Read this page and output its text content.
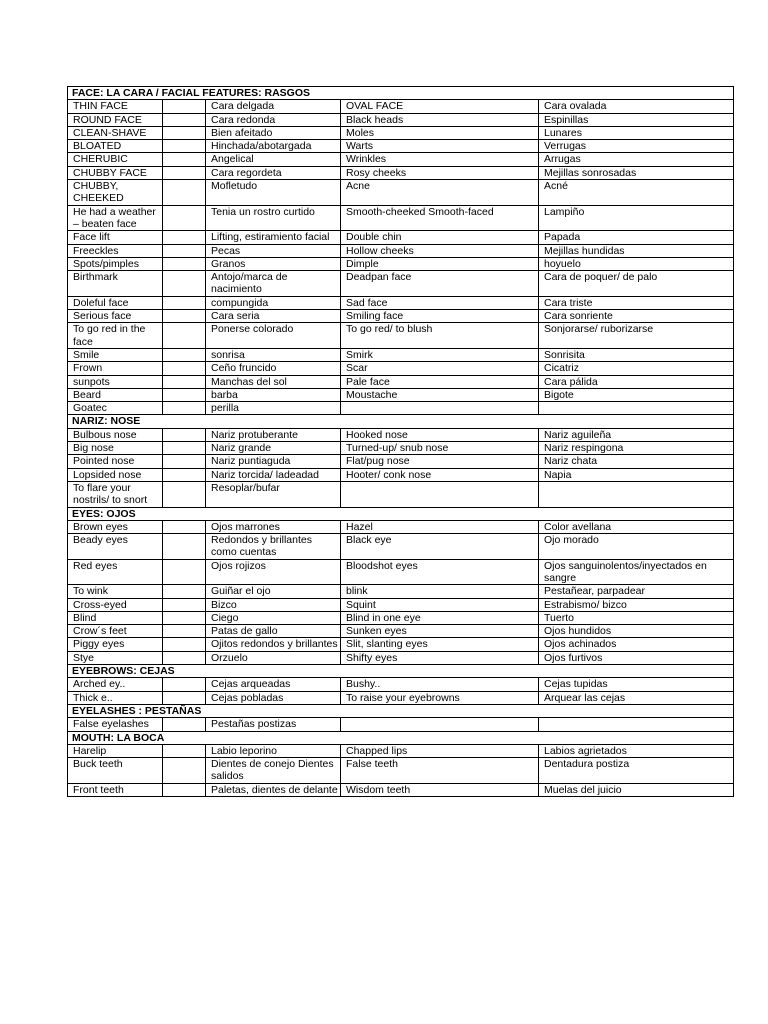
FACE: LA CARA / FACIAL FEATURES: RASGOS				
THIN FACE		Cara delgada	OVAL FACE	Cara ovalada
ROUND FACE		Cara redonda	Black heads	Espinillas
CLEAN-SHAVE		Bien afeitado	Moles	Lunares
BLOATED		Hinchada/abotargada	Warts	Verrugas
CHERUBIC		Angelical	Wrinkles	Arrugas
CHUBBY FACE		Cara regordeta	Rosy cheeks	Mejillas sonrosadas
CHUBBY, CHEEKED		Mofletudo	Acne	Acné
He had a weather – beaten face		Tenia un rostro curtido	Smooth-cheeked Smooth-faced	Lampiño
Face lift		Lifting, estiramiento facial	Double chin	Papada
Freeckles		Pecas	Hollow cheeks	Mejillas hundidas
Spots/pimples		Granos	Dimple	hoyuelo
Birthmark		Antojo/marca de nacimiento	Deadpan face	Cara de poquer/ de palo
Doleful face		compungida	Sad face	Cara triste
Serious face		Cara seria	Smiling face	Cara sonriente
To go red in the face		Ponerse colorado	To go red/ to blush	Sonjorarse/ ruborizarse
Smile		sonrisa	Smirk	Sonrisita
Frown		Ceño fruncido	Scar	Cicatriz
sunpots		Manchas del sol	Pale face	Cara pálida
Beard		barba	Moustache	Bigote
Goatec		perilla		
NARIZ: NOSE				
Bulbous nose		Nariz protuberante	Hooked nose	Nariz aguileña
Big nose		Nariz grande	Turned-up/ snub nose	Nariz respingona
Pointed nose		Nariz puntiaguda	Flat/pug nose	Nariz chata
Lopsided nose		Nariz torcida/ ladeadad	Hooter/ conk nose	Napia
To flare your nostrils/ to snort		Resoplar/bufar		
EYES: OJOS				
Brown eyes		Ojos marrones	Hazel	Color avellana
Beady eyes		Redondos y brillantes como cuentas	Black eye	Ojo morado
Red eyes		Ojos rojizos	Bloodshot eyes	Ojos sanguinolentos/inyectados en sangre
To wink		Guiñar el ojo	blink	Pestañear, parpadear
Cross-eyed		Bizco	Squint	Estrabismo/ bizco
Blind		Ciego	Blind in one eye	Tuerto
Crow´s feet		Patas de gallo	Sunken eyes	Ojos hundidos
Piggy eyes		Ojitos redondos y brillantes	Slit, slanting eyes	Ojos achinados
Stye		Orzuelo	Shifty eyes	Ojos furtivos
EYEBROWS: CEJAS				
Arched ey..		Cejas arqueadas	Bushy..	Cejas tupidas
Thick e..		Cejas pobladas	To raise your eyebrowns	Arquear las cejas
EYELASHES : PESTAÑAS				
False eyelashes		Pestañas postizas		
MOUTH: LA BOCA				
Harelip		Labio leporino	Chapped lips	Labios agrietados
Buck teeth		Dientes de conejo Dientes salidos	False teeth	Dentadura postiza
Front teeth		Paletas, dientes de delante	Wisdom teeth	Muelas del juicio
